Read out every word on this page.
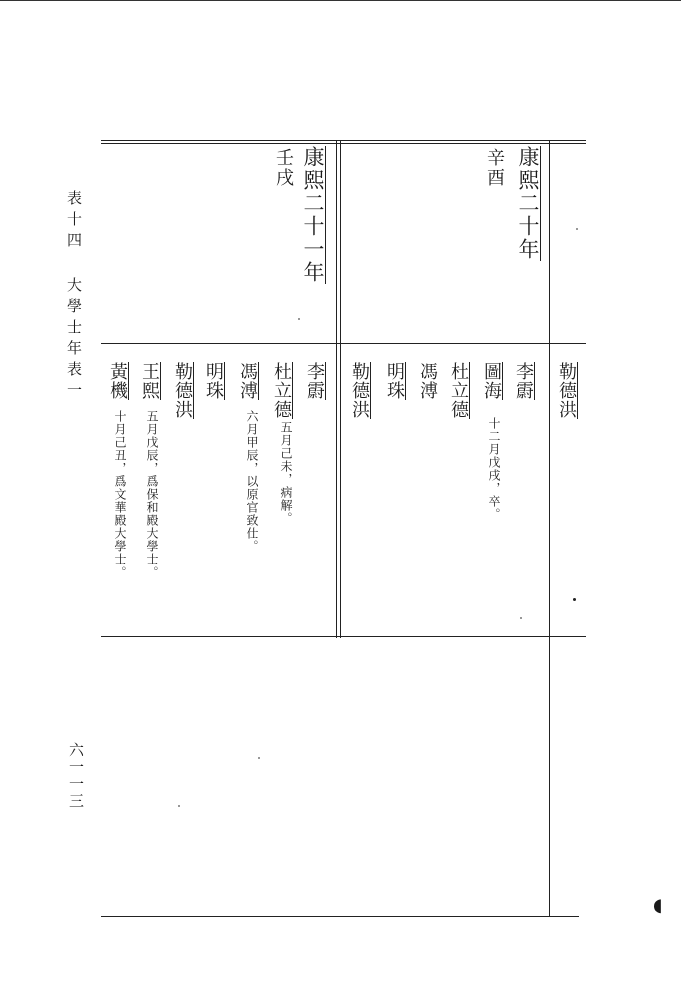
表十四 大學士年表一
六一一三
勒德洪
康熙二十年
辛酉
李霨
圖海
十二月戊戌，卒。
杜立德
馮溥
明珠
勒德洪
康熙二十一年
壬戌
李霨
杜立德
五月己未，病解。
馮溥
六月甲辰，以原官致仕。
明珠
勒德洪
王熙
五月戊辰，爲保和殿大學士。
黃機
十月己丑，爲文華殿大學士。
◖
